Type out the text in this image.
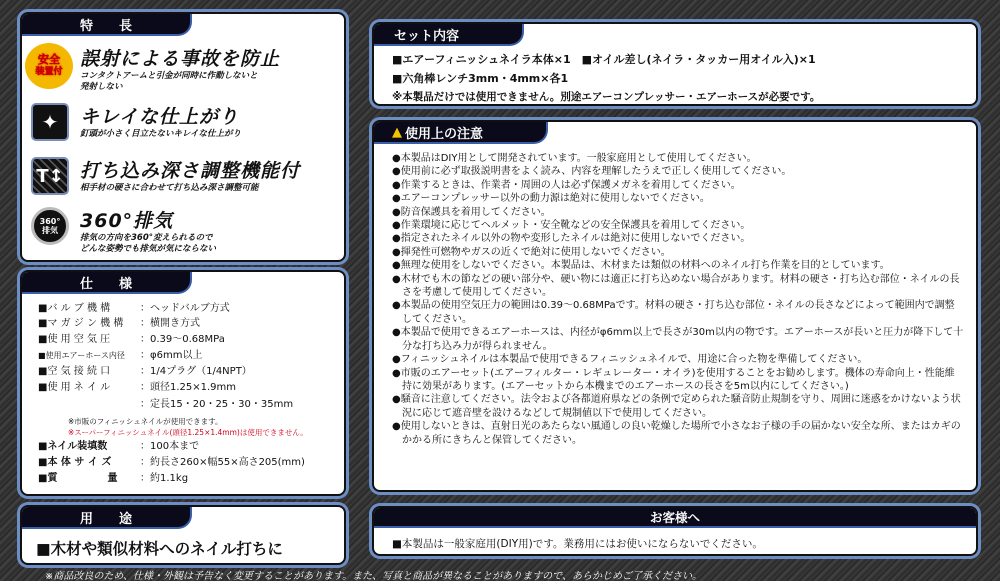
特　　長
安全
装置付
誤射による事故を防止
コンタクトアームと引金が同時に作動しないと
発射しない
✦ キレイな仕上がり
釘頭が小さく目立たないキレイな仕上がり
T↕ 打ち込み深さ調整機能付
相手材の硬さに合わせて打ち込み深さ調整可能
360°
排気 360°排気
排気の方向を360°変えられるので
どんな姿勢でも排気が気にならない
仕　　様
■バ ル ブ 機 構	：ヘッドバルブ方式
■マ ガ ジ ン 機 構 ：横開き方式
■使 用 空 気 圧	：0.39～0.68MPa
■使用エアーホース内径 ：φ6mm以上
■空 気 接 続 口	：1/4プラグ（1/4NPT）
■使 用 ネ イ ル	：頭径1.25×1.9mm
：定長15・20・25・30・35mm
※市販のフィニッシュネイルが使用できます。
※スーパーフィニッシュネイル(頭径1.25×1.4mm)は使用できません。
■ネイル装填数	：100本まで
■本 体 サ イ ズ	：約長さ260×幅55×高さ205(mm)
■質　　　　　量 ：約1.1kg
用　　途
■木材や類似材料へのネイル打ちに
セット内容
■エアーフィニッシュネイラ本体×1　■オイル差し(ネイラ・タッカー用オイル入)×1
■六角棒レンチ3mm・4mm×各1
※本製品だけでは使用できません。別途エアーコンプレッサー・エアーホースが必要です。
▲ 使用上の注意
●本製品はDIY用として開発されています。一般家庭用として使用してください。
●使用前に必ず取扱説明書をよく読み、内容を理解したうえで正しく使用してください。
●作業するときは、作業者・周囲の人は必ず保護メガネを着用してください。
●エアーコンプレッサー以外の動力源は絶対に使用しないでください。
●防音保護具を着用してください。
●作業環境に応じてヘルメット・安全靴などの安全保護具を着用してください。
●指定されたネイル以外の物や変形したネイルは絶対に使用しないでください。
●揮発性可燃物やガスの近くで絶対に使用しないでください。
●無理な使用をしないでください。本製品は、木材または類似の材料へのネイル打ち作業を目的としています。
●木材でも木の節などの硬い部分や、硬い物には適正に打ち込めない場合があります。材料の硬さ・打ち込む部位・ネイルの長さを考慮して使用してください。
●本製品の使用空気圧力の範囲は0.39～0.68MPaです。材料の硬さ・打ち込む部位・ネイルの長さなどによって範囲内で調整してください。
●本製品で使用できるエアーホースは、内径がφ6mm以上で長さが30m以内の物です。エアーホースが長いと圧力が降下して十分な打ち込み力が得られません。
●フィニッシュネイルは本製品で使用できるフィニッシュネイルで、用途に合った物を準備してください。
●市販のエアーセット(エアーフィルター・レギュレーター・オイラ)を使用することをお勧めします。機体の寿命向上・性能維持に効果があります。(エアーセットから本機までのエアーホースの長さを5m以内にしてください。)
●騒音に注意してください。法令および各都道府県などの条例で定められた騒音防止規制を守り、周囲に迷惑をかけないよう状況に応じて遮音壁を設けるなどして規制値以下で使用してください。
●使用しないときは、直射日光のあたらない風通しの良い乾燥した場所で小さなお子様の手の届かない安全な所、またはカギのかかる所にきちんと保管してください。
お客様へ
■本製品は一般家庭用(DIY用)です。業務用にはお使いにならないでください。
※商品改良のため、仕様・外観は予告なく変更することがあります。また、写真と商品が異なることがありますので、あらかじめご了承ください。
